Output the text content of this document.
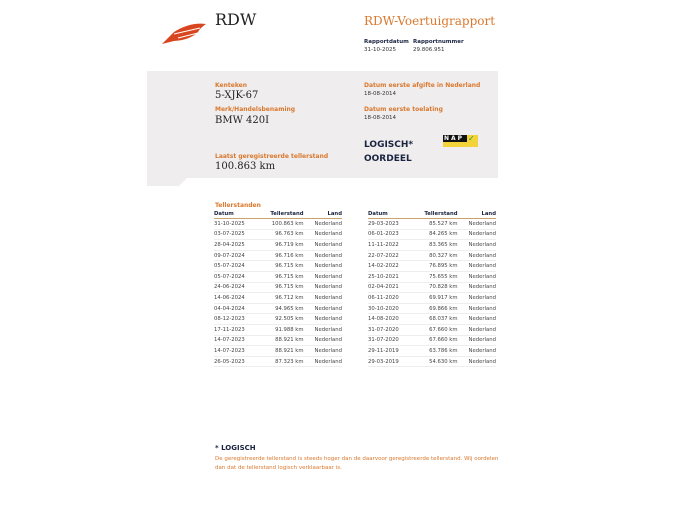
RDW	RDW-Voertuigrapport
Rapportdatum
31-10-2025
Rapportnummer
29.806.951
Kenteken
5-XJK-67
Merk/Handelsbenaming
BMW 420I
Laatst geregistreerde tellerstand
100.863 km
Datum eerste afgifte in Nederland
18-08-2014
Datum eerste toelating
18-08-2014
LOGISCH*
OORDEEL
NAP ✓
Tellerstanden
Datum	Tellerstand	Land
31-10-2025	100.863 km	Nederland
03-07-2025	96.763 km	Nederland
28-04-2025	96.719 km	Nederland
09-07-2024	96.716 km	Nederland
05-07-2024	96.715 km	Nederland
05-07-2024	96.715 km	Nederland
24-06-2024	96.715 km	Nederland
14-06-2024	96.712 km	Nederland
04-04-2024	94.965 km	Nederland
08-12-2023	92.505 km	Nederland
17-11-2023	91.988 km	Nederland
14-07-2023	88.921 km	Nederland
14-07-2023	88.921 km	Nederland
26-05-2023	87.323 km	Nederland
Datum	Tellerstand	Land
29-03-2023	85.527 km	Nederland
06-01-2023	84.265 km	Nederland
11-11-2022	83.365 km	Nederland
22-07-2022	80.327 km	Nederland
14-02-2022	76.895 km	Nederland
25-10-2021	75.655 km	Nederland
02-04-2021	70.828 km	Nederland
06-11-2020	69.917 km	Nederland
30-10-2020	69.866 km	Nederland
14-08-2020	68.037 km	Nederland
31-07-2020	67.660 km	Nederland
31-07-2020	67.660 km	Nederland
29-11-2019	63.786 km	Nederland
29-03-2019	54.630 km	Nederland
* LOGISCH
De geregistreerde tellerstand is steeds hoger dan de daarvoor geregistreerde tellerstand. Wij oordelen dan dat de tellerstand logisch verklaarbaar is.
